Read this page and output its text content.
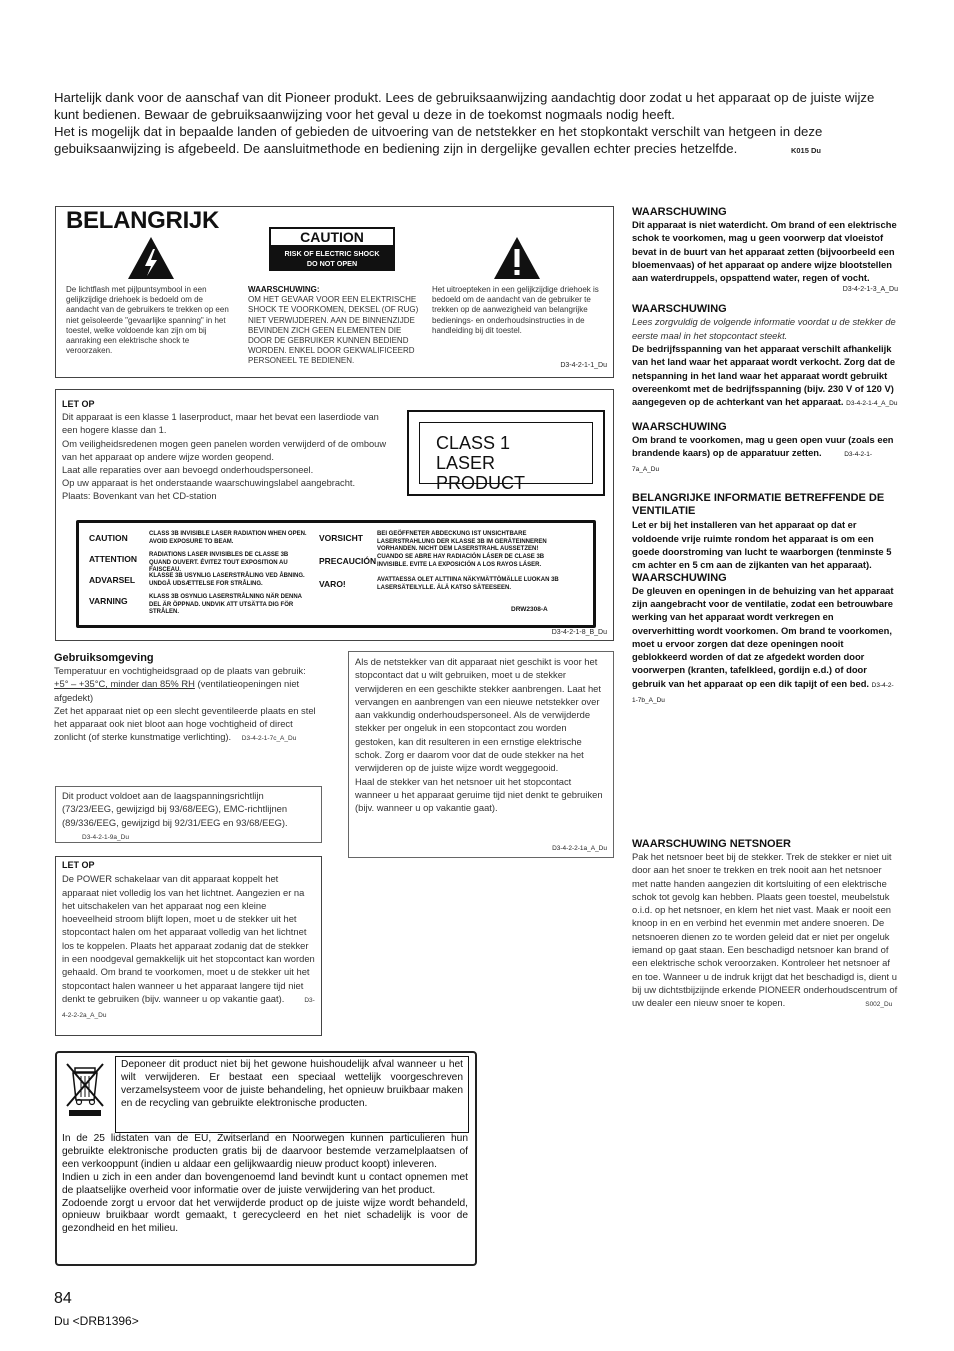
Hartelijk dank voor de aanschaf van dit Pioneer produkt. Lees de gebruiksaanwijzing aandachtig door zodat u het apparaat op de juiste wijze kunt bedienen. Bewaar de gebruiksaanwijzing voor het geval u deze in de toekomst nogmaals nodig heeft.

Het is mogelijk dat in bepaalde landen of gebieden de uitvoering van de netstekker en het stopkontakt verschilt van hetgeen in deze gebuiksaanwijzing is afgebeeld. De aansluitmethode en bediening zijn in dergelijke gevallen echter precies hetzelfde.	K015 Du

BELANGRIJK
CAUTION
RISK OF ELECTRIC SHOCK
DO NOT OPEN
De lichtflash met pijlpuntsymbool in een gelijkzijdige driehoek is bedoeld om de aandacht van de gebruikers te trekken op een niet geïsoleerde "gevaarlijke spanning" in het toestel, welke voldoende kan zijn om bij aanraking een elektrische shock te veroorzaken.
WAARSCHUWING:
OM HET GEVAAR VOOR EEN ELEKTRISCHE SHOCK TE VOORKOMEN, DEKSEL (OF RUG) NIET VERWIJDEREN. AAN DE BINNENZIJDE BEVINDEN ZICH GEEN ELEMENTEN DIE DOOR DE GEBRUIKER KUNNEN BEDIEND WORDEN. ENKEL DOOR GEKWALIFICEERD PERSONEEL TE BEDIENEN.
Het uitroepteken in een gelijkzijdige driehoek is bedoeld om de aandacht van de gebruiker te trekken op de aanwezigheid van belangrijke bedienings- en onderhoudsinstructies in de handleiding bij dit toestel.
D3-4-2-1-1_Du
LET OP
Dit apparaat is een klasse 1 laserproduct, maar het bevat een laserdiode van een hogere klasse dan 1.
Om veiligheidsredenen mogen geen panelen worden verwijderd of de ombouw van het apparaat op andere wijze worden geopend.
Laat alle reparaties over aan bevoegd onderhoudspersoneel.
Op uw apparaat is het onderstaande waarschuwingslabel aangebracht.
Plaats: Bovenkant van het CD-station
CLASS 1
LASER PRODUCT
CAUTION	CLASS 3B INVISIBLE LASER RADIATION WHEN OPEN. AVOID EXPOSURE TO BEAM.
ATTENTION RADIATIONS LASER INVISIBLES DE CLASSE 3B QUAND OUVERT. ÉVITEZ TOUT EXPOSITION AU FAISCEAU.
ADVARSEL KLASSE 3B USYNLIG LASERSTRÅLING VED ÅBNING. UNDGÅ UDSÆTTELSE FOR STRÅLING.
VARNING	KLASS 3B OSYNLIG LASERSTRÅLNING NÄR DENNA DEL ÄR ÖPPNAD. UNDVIK ATT UTSÄTTA DIG FÖR STRÅLEN.
VORSICHT BEI GEÖFFNETER ABDECKUNG IST UNSICHTBARE LASERSTRAHLUNG DER KLASSE 3B IM GERÄTEINNEREN VORHANDEN. NICHT DEM LASERSTRAHL AUSSETZEN!
PRECAUCIÓN CUANDO SE ABRE HAY RADIACIÓN LÁSER DE CLASE 3B INVISIBLE. EVITE LA EXPOSICIÓN A LOS RAYOS LÁSER.
VARO!	AVATTAESSA OLET ALTTIINA NÄKYMÄTTÖMÄLLE LUOKAN 3B LASERSÄTEILYLLE. ÄLÄ KATSO SÄTEESEEN.
DRW2308-A
D3-4-2-1-8_B_Du
Gebruiksomgeving
Temperatuur en vochtigheidsgraad op de plaats van gebruik:
+5° – +35°C, minder dan 85% RH (ventilatieopeningen niet afgedekt)
Zet het apparaat niet op een slecht geventileerde plaats en stel het apparaat ook niet bloot aan hoge vochtigheid of direct zonlicht (of sterke kunstmatige verlichting). D3-4-2-1-7c_A_Du
Dit product voldoet aan de laagspanningsrichtlijn (73/23/EEG, gewijzigd bij 93/68/EEG), EMC-richtlijnen (89/336/EEG, gewijzigd bij 92/31/EEG en 93/68/EEG). D3-4-2-1-9a_Du
Als de netstekker van dit apparaat niet geschikt is voor het stopcontact dat u wilt gebruiken, moet u de stekker verwijderen en een geschikte stekker aanbrengen. Laat het vervangen en aanbrengen van een nieuwe netstekker over aan vakkundig onderhoudspersoneel. Als de verwijderde stekker per ongeluk in een stopcontact zou worden gestoken, kan dit resulteren in een ernstige elektrische schok. Zorg er daarom voor dat de oude stekker na het verwijderen op de juiste wijze wordt weggegooid.
Haal de stekker van het netsnoer uit het stopcontact wanneer u het apparaat geruime tijd niet denkt te gebruiken (bijv. wanneer u op vakantie gaat).
D3-4-2-2-1a_A_Du
LET OP
De POWER schakelaar van dit apparaat koppelt het apparaat niet volledig los van het lichtnet. Aangezien er na het uitschakelen van het apparaat nog een kleine hoeveelheid stroom blijft lopen, moet u de stekker uit het stopcontact halen om het apparaat volledig van het lichtnet los te koppelen. Plaats het apparaat zodanig dat de stekker in een noodgeval gemakkelijk uit het stopcontact kan worden gehaald. Om brand te voorkomen, moet u de stekker uit het stopcontact halen wanneer u het apparaat langere tijd niet denkt te gebruiken (bijv. wanneer u op vakantie gaat).	D3-4-2-2-2a_A_Du
Deponeer dit product niet bij het gewone huishoudelijk afval wanneer u het wilt verwijderen. Er bestaat een speciaal wettelijk voorgeschreven verzamelsysteem voor de juiste behandeling, het opnieuw bruikbaar maken en de recycling van gebruikte elektronische producten.
In de 25 lidstaten van de EU, Zwitserland en Noorwegen kunnen particulieren hun gebruikte elektronische producten gratis bij de daarvoor bestemde verzamelplaatsen of een verkooppunt (indien u aldaar een gelijkwaardig nieuw product koopt) inleveren.
Indien u zich in een ander dan bovengenoemd land bevindt kunt u contact opnemen met de plaatselijke overheid voor informatie over de juiste verwijdering van het product.
Zodoende zorgt u ervoor dat het verwijderde product op de juiste wijze wordt behandeld, opnieuw bruikbaar wordt gemaakt, t gerecycleerd en het niet schadelijk is voor de gezondheid en het milieu.
WAARSCHUWING
Dit apparaat is niet waterdicht. Om brand of een elektrische schok te voorkomen, mag u geen voorwerp dat vloeistof bevat in de buurt van het apparaat zetten (bijvoorbeeld een bloemenvaas) of het apparaat op andere wijze blootstellen aan waterdruppels, opspattend water, regen of vocht.
D3-4-2-1-3_A_Du
WAARSCHUWING
Lees zorgvuldig de volgende informatie voordat u de stekker de eerste maal in het stopcontact steekt.
De bedrijfsspanning van het apparaat verschilt afhankelijk van het land waar het apparaat wordt verkocht. Zorg dat de netspanning in het land waar het apparaat wordt gebruikt overeenkomt met de bedrijfsspanning (bijv. 230 V of 120 V) aangegeven op de achterkant van het apparaat. D3-4-2-1-4_A_Du
WAARSCHUWING
Om brand te voorkomen, mag u geen open vuur (zoals een brandende kaars) op de apparatuur zetten.	D3-4-2-1-7a_A_Du
BELANGRIJKE INFORMATIE BETREFFENDE DE VENTILATIE
Let er bij het installeren van het apparaat op dat er voldoende vrije ruimte rondom het apparaat is om een goede doorstroming van lucht te waarborgen (tenminste 5 cm achter en 5 cm aan de zijkanten van het apparaat).
WAARSCHUWING
De gleuven en openingen in de behuizing van het apparaat zijn aangebracht voor de ventilatie, zodat een betrouwbare werking van het apparaat wordt verkregen en oververhitting wordt voorkomen. Om brand te voorkomen, moet u ervoor zorgen dat deze openingen nooit geblokkeerd worden of dat ze afgedekt worden door voorwerpen (kranten, tafelkleed, gordijn e.d.) of door gebruik van het apparaat op een dik tapijt of een bed. D3-4-2-1-7b_A_Du
WAARSCHUWING NETSNOER
Pak het netsnoer beet bij de stekker. Trek de stekker er niet uit door aan het snoer te trekken en trek nooit aan het netsnoer met natte handen aangezien dit kortsluiting of een elektrische schok tot gevolg kan hebben. Plaats geen toestel, meubelstuk o.i.d. op het netsnoer, en klem het niet vast. Maak er nooit een knoop in en en verbind het evenmin met andere snoeren. De netsnoeren dienen zo te worden geleid dat er niet per ongeluk iemand op gaat staan. Een beschadigd netsnoer kan brand of een elektrische schok veroorzaken. Kontroleer het netsnoer af en toe. Wanneer u de indruk krijgt dat het beschadigd is, dient u bij uw dichtstbijzijnde erkende PIONEER onderhoudscentrum of uw dealer een nieuw snoer te kopen.	S002_Du
84
Du <DRB1396>
